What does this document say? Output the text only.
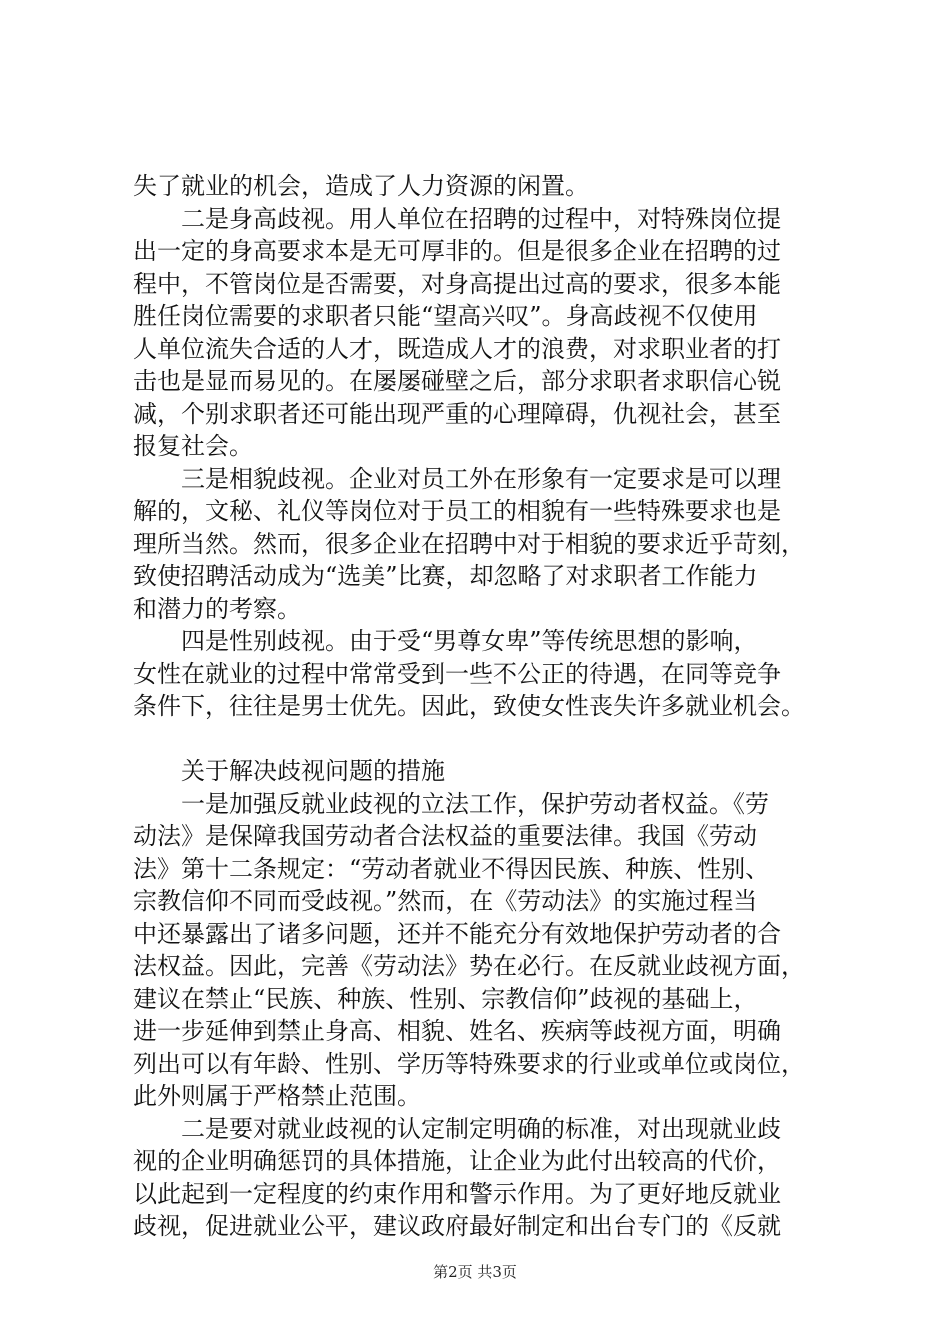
失了就业的机会，造成了人力资源的闲置。
二是身高歧视。用人单位在招聘的过程中，对特殊岗位提
出一定的身高要求本是无可厚非的。但是很多企业在招聘的过
程中，不管岗位是否需要，对身高提出过高的要求，很多本能
胜任岗位需要的求职者只能“望高兴叹”。身高歧视不仅使用
人单位流失合适的人才，既造成人才的浪费，对求职业者的打
击也是显而易见的。在屡屡碰壁之后，部分求职者求职信心锐
减，个别求职者还可能出现严重的心理障碍，仇视社会，甚至
报复社会。
三是相貌歧视。企业对员工外在形象有一定要求是可以理
解的，文秘、礼仪等岗位对于员工的相貌有一些特殊要求也是
理所当然。然而，很多企业在招聘中对于相貌的要求近乎苛刻，
致使招聘活动成为“选美”比赛，却忽略了对求职者工作能力
和潜力的考察。
四是性别歧视。由于受“男尊女卑”等传统思想的影响，
女性在就业的过程中常常受到一些不公正的待遇，在同等竞争
条件下，往往是男士优先。因此，致使女性丧失许多就业机会。
关于解决歧视问题的措施
一是加强反就业歧视的立法工作，保护劳动者权益。《劳
动法》是保障我国劳动者合法权益的重要法律。我国《劳动
法》第十二条规定：“劳动者就业不得因民族、种族、性别、
宗教信仰不同而受歧视。”然而，在《劳动法》的实施过程当
中还暴露出了诸多问题，还并不能充分有效地保护劳动者的合
法权益。因此，完善《劳动法》势在必行。在反就业歧视方面，
建议在禁止“民族、种族、性别、宗教信仰”歧视的基础上，
进一步延伸到禁止身高、相貌、姓名、疾病等歧视方面，明确
列出可以有年龄、性别、学历等特殊要求的行业或单位或岗位，
此外则属于严格禁止范围。
二是要对就业歧视的认定制定明确的标准，对出现就业歧
视的企业明确惩罚的具体措施，让企业为此付出较高的代价，
以此起到一定程度的约束作用和警示作用。为了更好地反就业
歧视，促进就业公平，建议政府最好制定和出台专门的《反就
第2页 共3页
